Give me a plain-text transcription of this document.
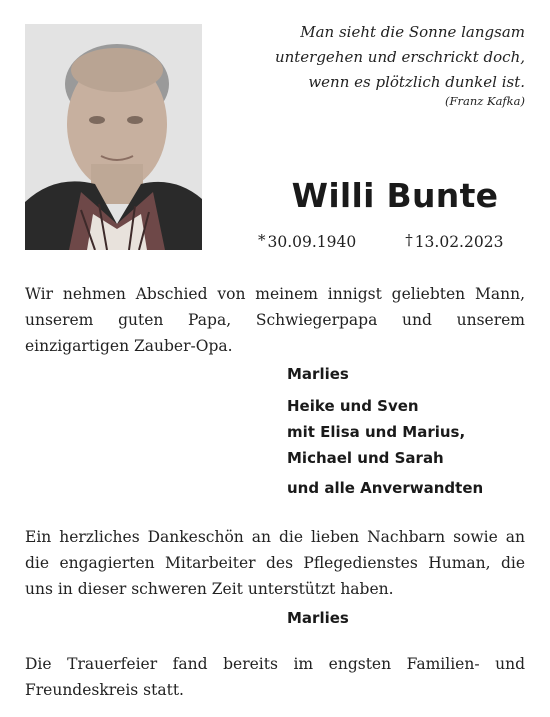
Man sieht die Sonne langsam
untergehen und erschrickt doch,
wenn es plötzlich dunkel ist.
(Franz Kafka)
Willi Bunte
* 30.09.1940	† 13.02.2023
Wir nehmen Abschied von meinem innigst geliebten Mann, unserem guten Papa, Schwiegerpapa und unserem einzigartigen Zauber-Opa.
Marlies
Heike und Sven
mit Elisa und Marius,
Michael und Sarah
und alle Anverwandten
Ein herzliches Dankeschön an die lieben Nachbarn sowie an die engagierten Mitarbeiter des Pflegedienstes Human, die uns in dieser schweren Zeit unterstützt haben.
Marlies
Die Trauerfeier fand bereits im engsten Familien- und Freundeskreis statt.
